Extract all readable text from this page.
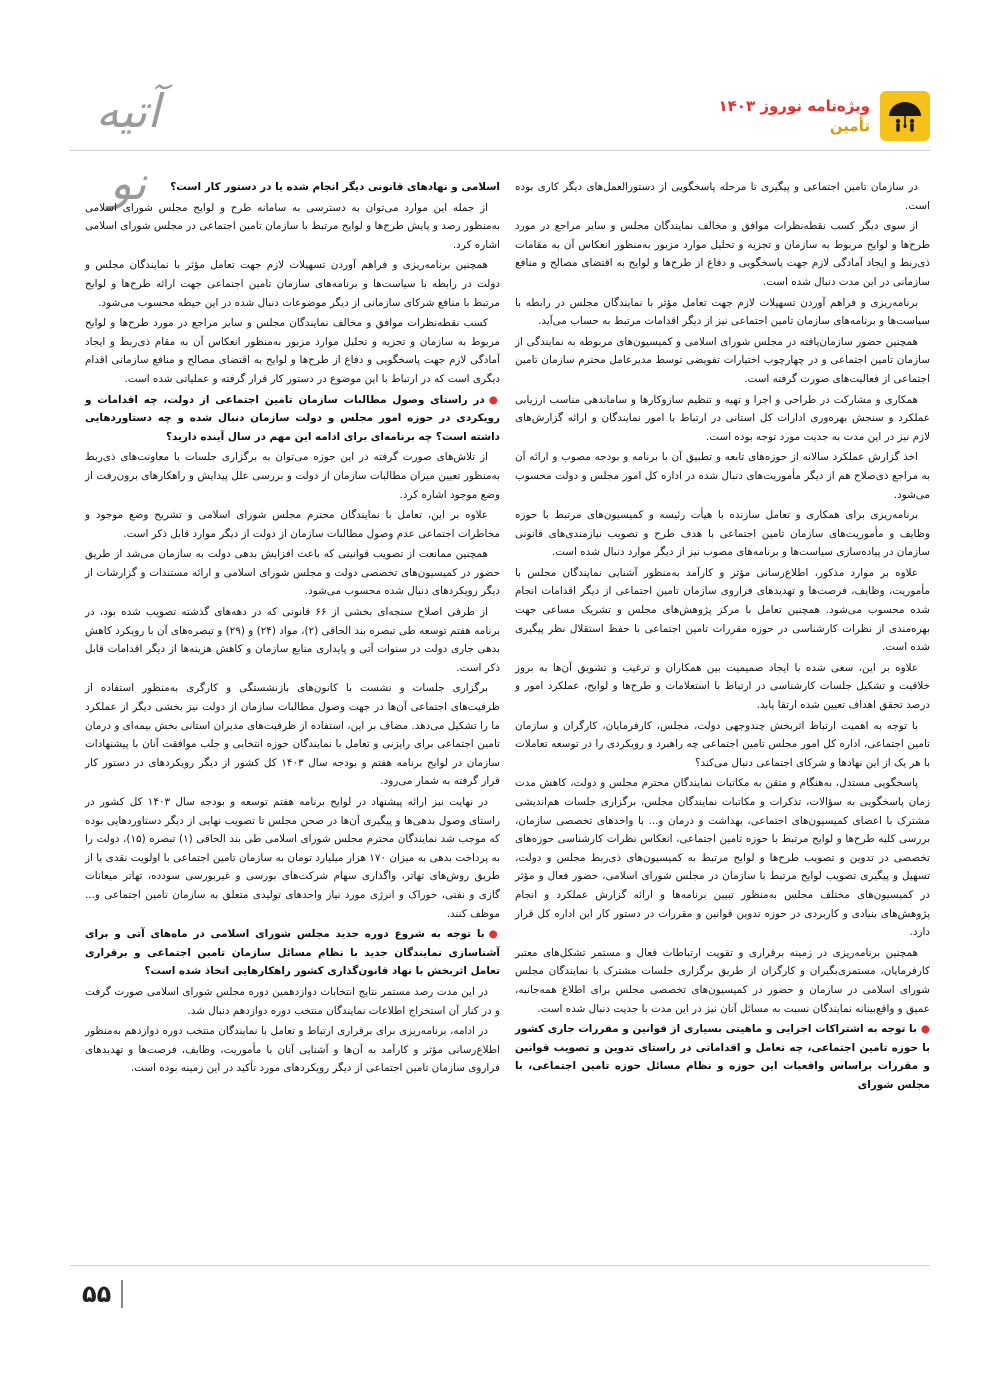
آتیه نو
ویژه‌نامه نوروز ۱۴۰۳
تأمین

در سازمان تامین اجتماعی و پیگیری تا مرحله پاسخگویی از دستورالعمل‌های دیگر کاری بوده است.

از سوی دیگر کسب نقطه‌نظرات موافق و مخالف نمایندگان مجلس و سایر مراجع در مورد طرح‌ها و لوایح مربوط به سازمان و تجزیه و تحلیل موارد مزبور به‌منظور انعکاس آن به مقامات ذی‌ربط و ایجاد آمادگی لازم جهت پاسخگویی و دفاع از طرح‌ها و لوایح به اقتضای مصالح و منافع سازمانی در این مدت دنبال شده است.

برنامه‌ریزی و فراهم آوردن تسهیلات لازم جهت تعامل مؤثر با نمایندگان مجلس در رابطه با سیاست‌ها و برنامه‌های سازمان تامین اجتماعی نیز از دیگر اقدامات مرتبط به حساب می‌آید.

همچنین حضور سازمان‌یافته در مجلس شورای اسلامی و کمیسیون‌های مربوطه به نمایندگی از سازمان تامین اجتماعی و در چهارچوب اختیارات تفویضی توسط مدیرعامل محترم سازمان تامین اجتماعی از فعالیت‌های صورت گرفته است.

همکاری و مشارکت در طراحی و اجرا و تهیه و تنظیم سازوکارها و ساماندهی مناسب ارزیابی عملکرد و سنجش بهره‌وری ادارات کل استانی در ارتباط با امور نمایندگان و ارائه گزارش‌های لازم نیز در این مدت به جدیت مورد توجه بوده است.

اخذ گزارش عملکرد سالانه از حوزه‌های تابعه و تطبیق آن با برنامه و بودجه مصوب و ارائه آن به مراجع ذی‌صلاح هم از دیگر مأموریت‌های دنبال شده در اداره کل امور مجلس و دولت محسوب می‌شود.

برنامه‌ریزی برای همکاری و تعامل سازنده با هیأت رئیسه و کمیسیون‌های مرتبط با حوزه وظایف و مأموریت‌های سازمان تامین اجتماعی با هدف طرح و تصویب نیازمندی‌های قانونی سازمان در پیاده‌سازی سیاست‌ها و برنامه‌های مصوب نیز از دیگر موارد دنبال شده است.

علاوه بر موارد مذکور، اطلاع‌رسانی مؤثر و کارآمد به‌منظور آشنایی نمایندگان مجلس با مأموریت، وظایف، فرصت‌ها و تهدیدهای فراروی سازمان تامین اجتماعی از دیگر اقدامات انجام شده محسوب می‌شود. همچنین تعامل با مرکز پژوهش‌های مجلس و تشریک مساعی جهت بهره‌مندی از نظرات کارشناسی در حوزه مقررات تامین اجتماعی با حفظ استقلال نظر پیگیری شده است.

علاوه بر این، سعی شده با ایجاد صمیمیت بین همکاران و ترغیب و تشویق آن‌ها به بروز خلاقیت و تشکیل جلسات کارشناسی در ارتباط با استعلامات و طرح‌ها و لوایح، عملکرد امور و درصد تحقق اهداف تعیین شده ارتقا یابد.

با توجه به اهمیت ارتباط اثربخش چندوجهی دولت، مجلس، کارفرمایان، کارگران و سازمان تامین اجتماعی، اداره کل امور مجلس تامین اجتماعی چه راهبرد و رویکردی را در توسعه تعاملات با هر یک از این نهادها و شرکای اجتماعی دنبال می‌کند؟

پاسخگویی مستدل، به‌هنگام و متقن به مکاتبات نمایندگان محترم مجلس و دولت، کاهش مدت زمان پاسخگویی به سؤالات، تذکرات و مکاتبات نمایندگان مجلس، برگزاری جلسات هم‌اندیشی مشترک با اعضای کمیسیون‌های اجتماعی، بهداشت و درمان و... با واحدهای تخصصی سازمان، بررسی کلیه طرح‌ها و لوایح مرتبط با حوزه تامین اجتماعی، انعکاس نظرات کارشناسی حوزه‌های تخصصی در تدوین و تصویب طرح‌ها و لوایح مرتبط به کمیسیون‌های ذی‌ربط مجلس و دولت، تسهیل و پیگیری تصویب لوایح مرتبط با سازمان در مجلس شورای اسلامی، حضور فعال و مؤثر در کمیسیون‌های مختلف مجلس به‌منظور تبیین برنامه‌ها و ارائه گزارش عملکرد و انجام پژوهش‌های بنیادی و کاربردی در حوزه تدوین قوانین و مقررات در دستور کار این اداره کل قرار دارد.

همچنین برنامه‌ریزی در زمینه برقراری و تقویت ارتباطات فعال و مستمر تشکل‌های معتبر کارفرمایان، مستمری‌بگیران و کارگران از طریق برگزاری جلسات مشترک با نمایندگان مجلس شورای اسلامی در سازمان و حضور در کمیسیون‌های تخصصی مجلس برای اطلاع همه‌جانبه، عمیق و واقع‌بینانه نمایندگان نسبت به مسائل آنان نیز در این مدت با جدیت دنبال شده است.

●با توجه به اشتراکات اجرایی و ماهیتی بسیاری از قوانین و مقررات جاری کشور با حوزه تامین اجتماعی، چه تعامل و اقداماتی در راستای تدوین و تصویب قوانین و مقررات براساس واقعیات این حوزه و نظام مسائل حوزه تامین اجتماعی، با مجلس شورای

اسلامی و نهادهای قانونی دیگر انجام شده یا در دستور کار است؟

از جمله این موارد می‌توان به دسترسی به سامانه طرح و لوایح مجلس شورای اسلامی به‌منظور رصد و پایش طرح‌ها و لوایح مرتبط با سازمان تامین اجتماعی در مجلس شورای اسلامی اشاره کرد.

همچنین برنامه‌ریزی و فراهم آوردن تسهیلات لازم جهت تعامل مؤثر با نمایندگان مجلس و دولت در رابطه با سیاست‌ها و برنامه‌های سازمان تامین اجتماعی جهت ارائه طرح‌ها و لوایح مرتبط با منافع شرکای سازمانی از دیگر موضوعات دنبال شده در این حیطه محسوب می‌شود.

کسب نقطه‌نظرات موافق و مخالف نمایندگان مجلس و سایر مراجع در مورد طرح‌ها و لوایح مربوط به سازمان و تجزیه و تحلیل موارد مزبور به‌منظور انعکاس آن به مقام ذی‌ربط و ایجاد آمادگی لازم جهت پاسخگویی و دفاع از طرح‌ها و لوایح به اقتضای مصالح و منافع سازمانی اقدام دیگری است که در ارتباط با این موضوع در دستور کار قرار گرفته و عملیاتی شده است.

●در راستای وصول مطالبات سازمان تامین اجتماعی از دولت، چه اقدامات و رویکردی در حوزه امور مجلس و دولت سازمان دنبال شده و چه دستاوردهایی داشته است؟ چه برنامه‌ای برای ادامه این مهم در سال آینده دارید؟

از تلاش‌های صورت گرفته در این حوزه می‌توان به برگزاری جلسات با معاونت‌های ذی‌ربط به‌منظور تعیین میزان مطالبات سازمان از دولت و بررسی علل پیدایش و راهکارهای برون‌رفت از وضع موجود اشاره کرد.

علاوه بر این، تعامل با نمایندگان محترم مجلس شورای اسلامی و تشریح وضع موجود و مخاطرات اجتماعی عدم وصول مطالبات سازمان از دولت از دیگر موارد قابل ذکر است.

همچنین ممانعت از تصویب قوانینی که باعث افزایش بدهی دولت به سازمان می‌شد از طریق حضور در کمیسیون‌های تخصصی دولت و مجلس شورای اسلامی و ارائه مستندات و گزارشات از دیگر رویکردهای دنبال شده محسوب می‌شود.

از طرفی اصلاح سنجه‌ای بخشی از ۶۶ قانونی که در دهه‌های گذشته تصویب شده بود، در برنامه هفتم توسعه طی تبصره بند الحاقی (۲)، مواد (۲۴) و (۲۹) و تبصره‌های آن با رویکرد کاهش بدهی جاری دولت در سنوات آتی و پایداری منابع سازمان و کاهش هزینه‌ها از دیگر اقدامات قابل ذکر است.

برگزاری جلسات و نشست با کانون‌های بازنشستگی و کارگری به‌منظور استفاده از ظرفیت‌های اجتماعی آن‌ها در جهت وصول مطالبات سازمان از دولت نیز بخشی دیگر از عملکرد ما را تشکیل می‌دهد. مضاف بر این، استفاده از ظرفیت‌های مدیران استانی بخش بیمه‌ای و درمان تامین اجتماعی برای رایزنی و تعامل با نمایندگان حوزه انتخابی و جلب موافقت آنان با پیشنهادات سازمان در لوایح برنامه هفتم و بودجه سال ۱۴۰۳ کل کشور از دیگر رویکردهای در دستور کار قرار گرفته به شمار می‌رود.

در نهایت نیز ارائه پیشنهاد در لوایح برنامه هفتم توسعه و بودجه سال ۱۴۰۳ کل کشور در راستای وصول بدهی‌ها و پیگیری آن‌ها در صحن مجلس تا تصویب نهایی از دیگر دستاوردهایی بوده که موجب شد نمایندگان محترم مجلس شورای اسلامی طی بند الحاقی (۱) تبصره (۱۵)، دولت را به پرداخت بدهی به میزان ۱۷۰ هزار میلیارد تومان به سازمان تامین اجتماعی با اولویت نقدی یا از طریق روش‌های تهاتر، واگذاری سهام شرکت‌های بورسی و غیربورسی سودده، تهاتر میعانات گازی و نفتی، خوراک و انرژی مورد نیاز واحدهای تولیدی متعلق به سازمان تامین اجتماعی و... موظف کنند.

●با توجه به شروع دوره جدید مجلس شورای اسلامی در ماه‌های آتی و برای آشناسازی نمایندگان جدید با نظام مسائل سازمان تامین اجتماعی و برقراری تعامل اثربخش با نهاد قانون‌گذاری کشور راهکارهایی اتخاذ شده است؟

در این مدت رصد مستمر نتایج انتخابات دوازدهمین دوره مجلس شورای اسلامی صورت گرفت و در کنار آن استخراج اطلاعات نمایندگان منتخب دوره دوازدهم دنبال شد.

در ادامه، برنامه‌ریزی برای برقراری ارتباط و تعامل با نمایندگان منتخب دوره دوازدهم به‌منظور اطلاع‌رسانی مؤثر و کارآمد به آن‌ها و آشنایی آنان با مأموریت، وظایف، فرصت‌ها و تهدیدهای فراروی سازمان تامین اجتماعی از دیگر رویکردهای مورد تأکید در این زمینه بوده است.

۵۵
